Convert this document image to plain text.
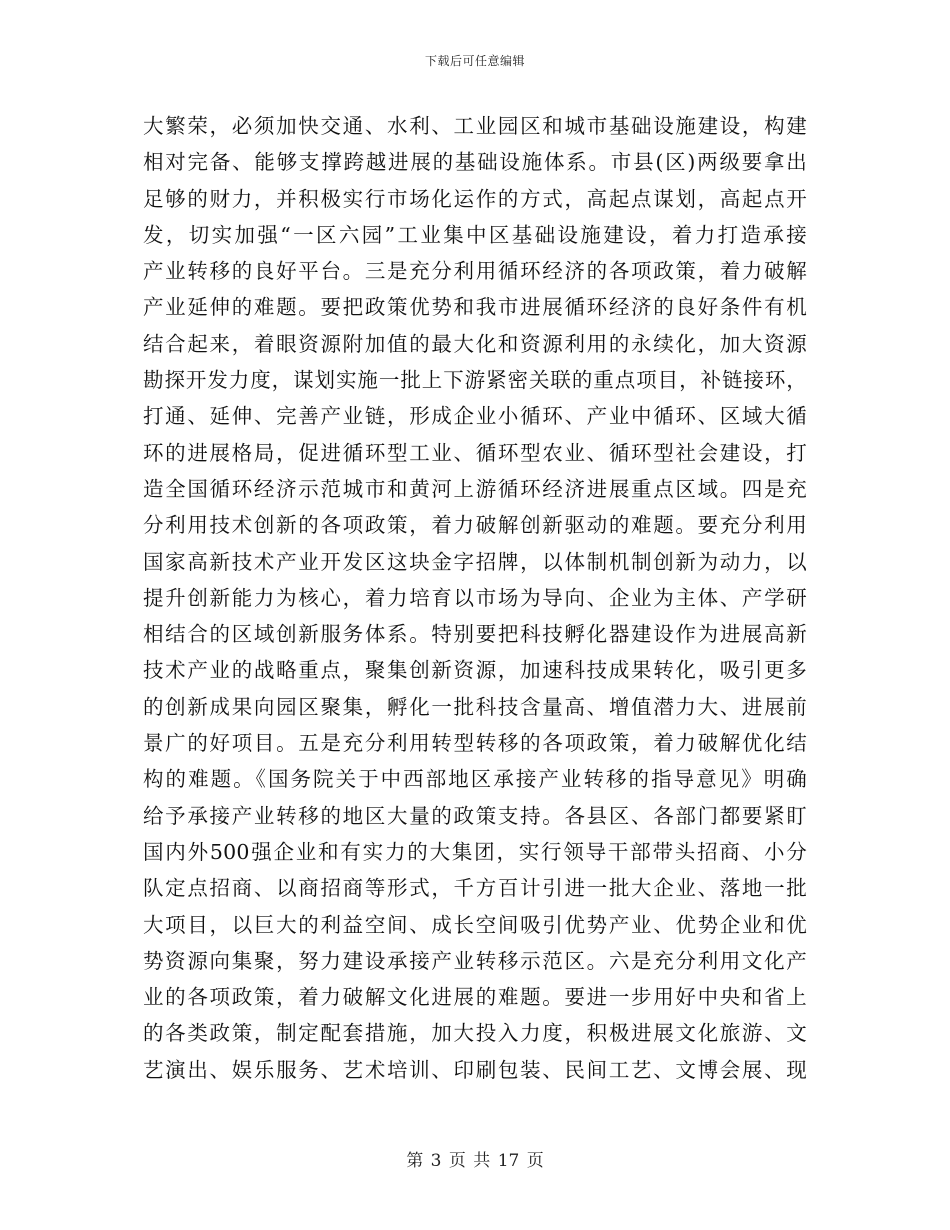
下载后可任意编辑
大繁荣，必须加快交通、水利、工业园区和城市基础设施建设，构建
相对完备、能够支撑跨越进展的基础设施体系。市县(区)两级要拿出
足够的财力，并积极实行市场化运作的方式，高起点谋划，高起点开
发，切实加强“一区六园”工业集中区基础设施建设，着力打造承接
产业转移的良好平台。三是充分利用循环经济的各项政策，着力破解
产业延伸的难题。要把政策优势和我市进展循环经济的良好条件有机
结合起来，着眼资源附加值的最大化和资源利用的永续化，加大资源
勘探开发力度，谋划实施一批上下游紧密关联的重点项目，补链接环，
打通、延伸、完善产业链，形成企业小循环、产业中循环、区域大循
环的进展格局，促进循环型工业、循环型农业、循环型社会建设，打
造全国循环经济示范城市和黄河上游循环经济进展重点区域。四是充
分利用技术创新的各项政策，着力破解创新驱动的难题。要充分利用
国家高新技术产业开发区这块金字招牌，以体制机制创新为动力，以
提升创新能力为核心，着力培育以市场为导向、企业为主体、产学研
相结合的区域创新服务体系。特别要把科技孵化器建设作为进展高新
技术产业的战略重点，聚集创新资源，加速科技成果转化，吸引更多
的创新成果向园区聚集，孵化一批科技含量高、增值潜力大、进展前
景广的好项目。五是充分利用转型转移的各项政策，着力破解优化结
构的难题。《国务院关于中西部地区承接产业转移的指导意见》明确
给予承接产业转移的地区大量的政策支持。各县区、各部门都要紧盯
国内外500强企业和有实力的大集团，实行领导干部带头招商、小分
队定点招商、以商招商等形式，千方百计引进一批大企业、落地一批
大项目，以巨大的利益空间、成长空间吸引优势产业、优势企业和优
势资源向集聚，努力建设承接产业转移示范区。六是充分利用文化产
业的各项政策，着力破解文化进展的难题。要进一步用好中央和省上
的各类政策，制定配套措施，加大投入力度，积极进展文化旅游、文
艺演出、娱乐服务、艺术培训、印刷包装、民间工艺、文博会展、现
第 3 页 共 17 页
